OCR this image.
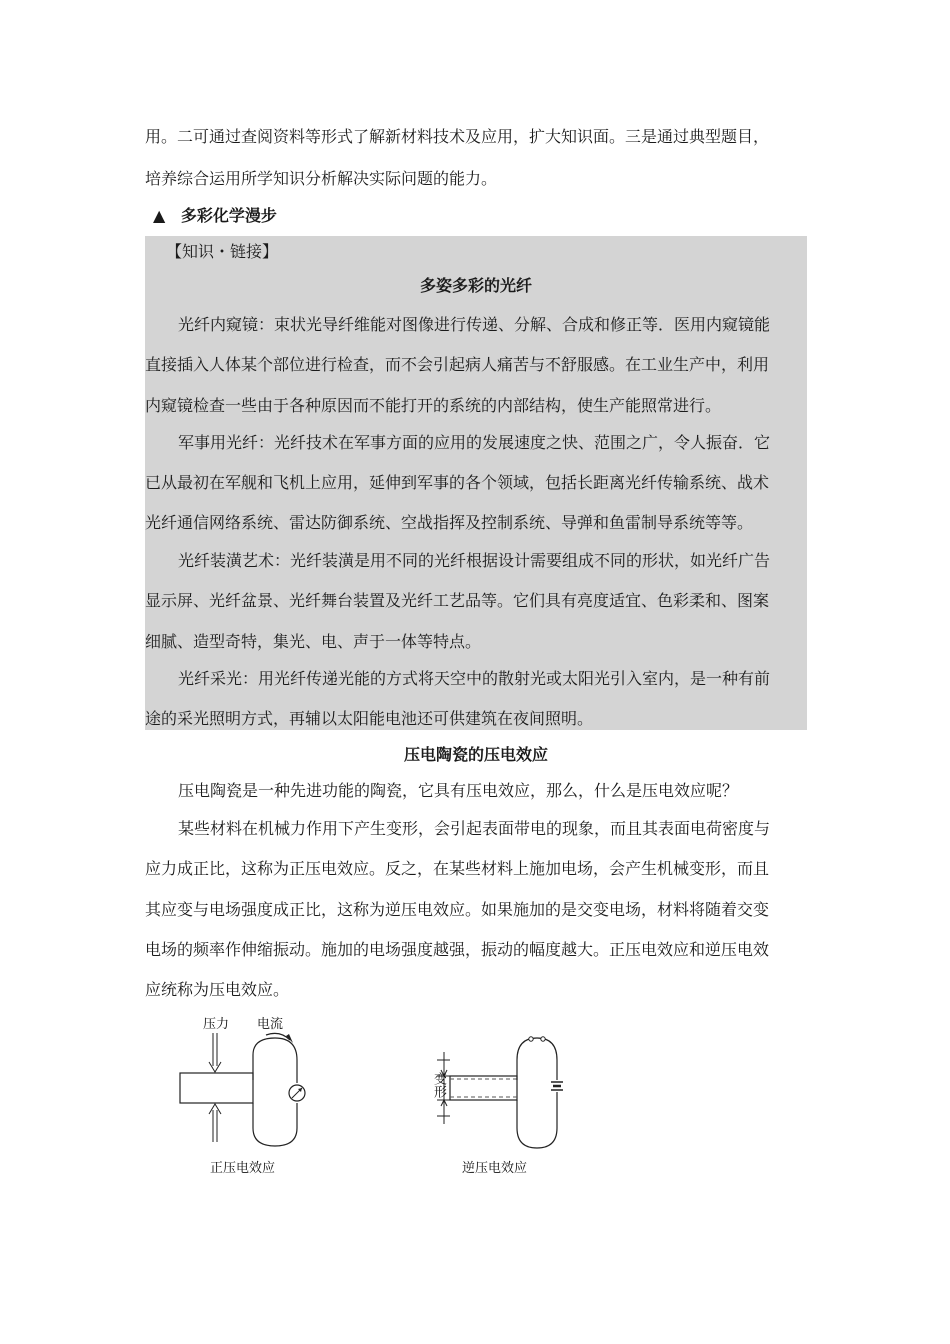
用。二可通过查阅资料等形式了解新材料技术及应用，扩大知识面。三是通过典型题目，
培养综合运用所学知识分析解决实际问题的能力。
▲ 多彩化学漫步
【知识・链接】
多姿多彩的光纤
光纤内窥镜：束状光导纤维能对图像进行传递、分解、合成和修正等．医用内窥镜能
直接插入人体某个部位进行检查，而不会引起病人痛苦与不舒服感。在工业生产中，利用
内窥镜检查一些由于各种原因而不能打开的系统的内部结构，使生产能照常进行。
军事用光纤：光纤技术在军事方面的应用的发展速度之快、范围之广，令人振奋．它
已从最初在军舰和飞机上应用，延伸到军事的各个领域，包括长距离光纤传输系统、战术
光纤通信网络系统、雷达防御系统、空战指挥及控制系统、导弹和鱼雷制导系统等等。
光纤装潢艺术：光纤装潢是用不同的光纤根据设计需要组成不同的形状，如光纤广告
显示屏、光纤盆景、光纤舞台装置及光纤工艺品等。它们具有亮度适宜、色彩柔和、图案
细腻、造型奇特，集光、电、声于一体等特点。
光纤采光：用光纤传递光能的方式将天空中的散射光或太阳光引入室内，是一种有前
途的采光照明方式，再辅以太阳能电池还可供建筑在夜间照明。
压电陶瓷的压电效应
压电陶瓷是一种先进功能的陶瓷，它具有压电效应，那么，什么是压电效应呢？
某些材料在机械力作用下产生变形，会引起表面带电的现象，而且其表面电荷密度与
应力成正比，这称为正压电效应。反之，在某些材料上施加电场，会产生机械变形，而且
其应变与电场强度成正比，这称为逆压电效应。如果施加的是交变电场，材料将随着交变
电场的频率作伸缩振动。施加的电场强度越强，振动的幅度越大。正压电效应和逆压电效
应统称为压电效应。
压力 电流
正压电效应
变形
逆压电效应
